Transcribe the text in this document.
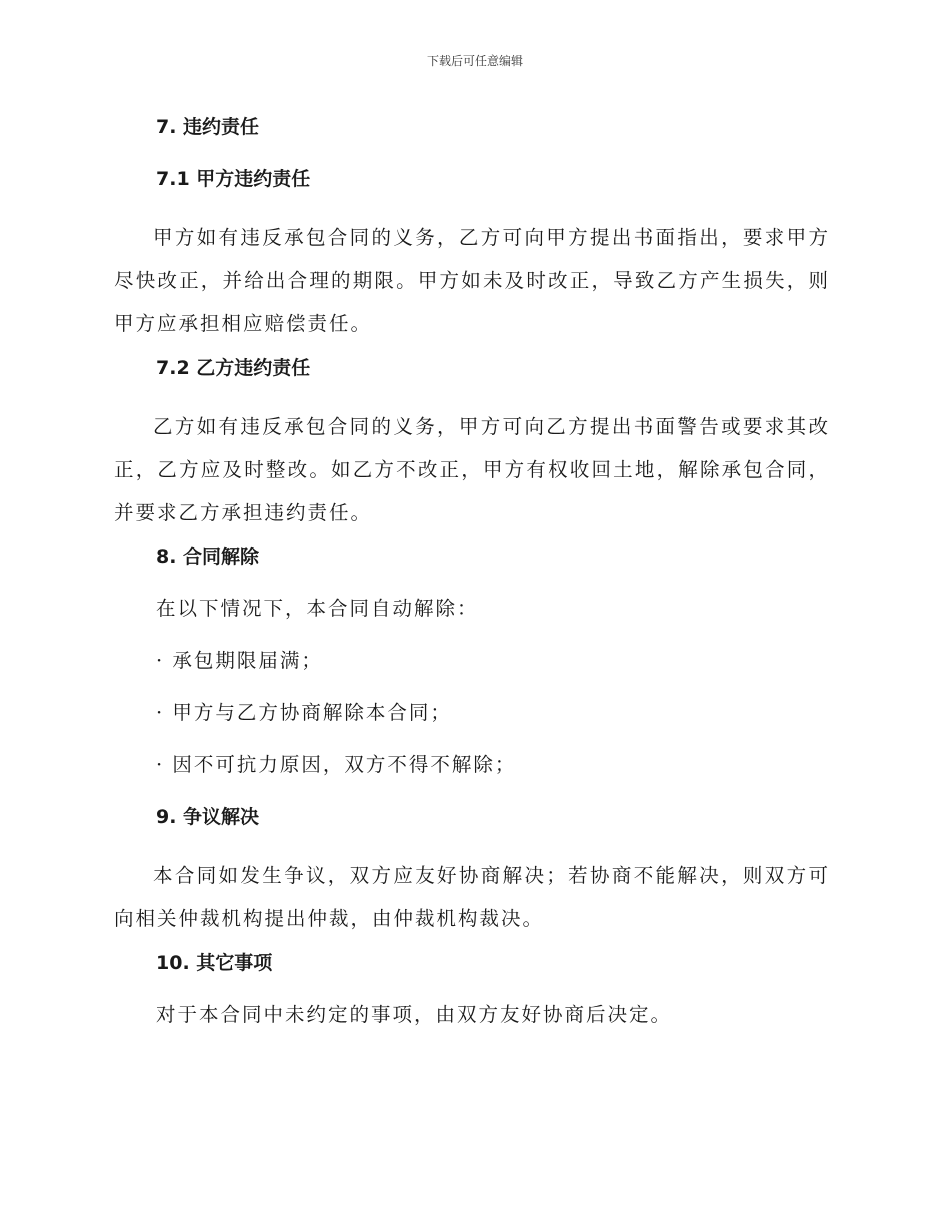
下载后可任意编辑
7. 违约责任
7.1 甲方违约责任

甲方如有违反承包合同的义务，乙方可向甲方提出书面指出，要求甲方尽快改正，并给出合理的期限。甲方如未及时改正，导致乙方产生损失，则甲方应承担相应赔偿责任。

7.2 乙方违约责任

乙方如有违反承包合同的义务，甲方可向乙方提出书面警告或要求其改正，乙方应及时整改。如乙方不改正，甲方有权收回土地，解除承包合同，并要求乙方承担违约责任。

8. 合同解除
在以下情况下，本合同自动解除：
· 承包期限届满；
· 甲方与乙方协商解除本合同；
· 因不可抗力原因，双方不得不解除；
9. 争议解决

本合同如发生争议，双方应友好协商解决；若协商不能解决，则双方可向相关仲裁机构提出仲裁，由仲裁机构裁决。

10. 其它事项
对于本合同中未约定的事项，由双方友好协商后决定。
